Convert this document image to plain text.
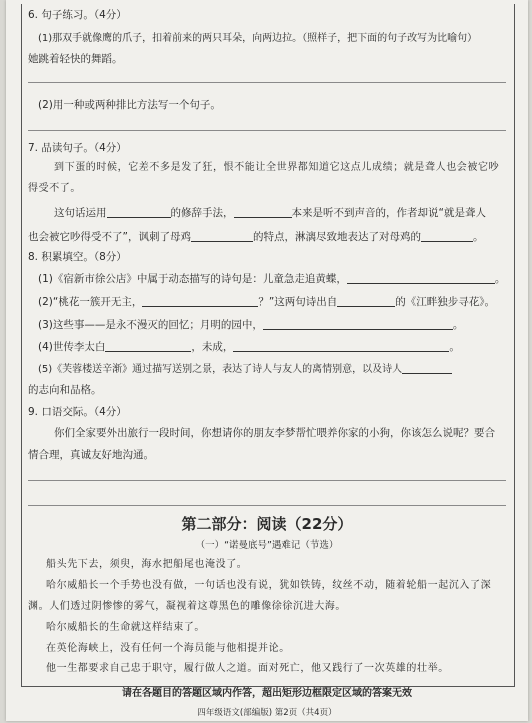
6. 句子练习。（4分）
(1)那双手就像鹰的爪子，扣着前来的两只耳朵，向两边拉。（照样子，把下面的句子改写为比喻句）
她跳着轻快的舞蹈。
(2)用一种或两种排比方法写一个句子。
7. 品读句子。（4分）
到下蛋的时候，它差不多是发了狂，恨不能让全世界都知道它这点儿成绩；就是聋人也会被它吵
得受不了。
这句话运用	的修辞手法，	本来是听不到声音的，作者却说“就是聋人
也会被它吵得受不了”，讽刺了母鸡	的特点，淋漓尽致地表达了对母鸡的	。
8. 积累填空。（8分）
(1)《宿新市徐公店》中属于动态描写的诗句是：儿童急走追黄蝶，	。
(2)“桃花一簇开无主，	？”这两句诗出自	的《江畔独步寻花》。
(3)这些事——是永不漫灭的回忆；月明的园中，	。
(4)世传李太白	，未成，	。
(5)《芙蓉楼送辛渐》通过描写送别之景，表达了诗人与友人的离情别意，以及诗人
的志向和品格。
9. 口语交际。（4分）
你们全家要外出旅行一段时间，你想请你的朋友李梦帮忙喂养你家的小狗，你该怎么说呢？要合
情合理，真诚友好地沟通。
第二部分：阅读（22分）
（一）“诺曼底号”遇难记（节选）
船头先下去，须臾，海水把船尾也淹没了。
哈尔威船长一个手势也没有做，一句话也没有说，犹如铁铸，纹丝不动，随着轮船一起沉入了深
渊。人们透过阴惨惨的雾气，凝视着这尊黑色的雕像徐徐沉进大海。
哈尔威船长的生命就这样结束了。
在英伦海峡上，没有任何一个海员能与他相提并论。
他一生都要求自己忠于职守，履行做人之道。面对死亡，他又践行了一次英雄的壮举。
请在各题目的答题区域内作答，超出矩形边框限定区域的答案无效
四年级语文(部编版) 第2页（共4页）
